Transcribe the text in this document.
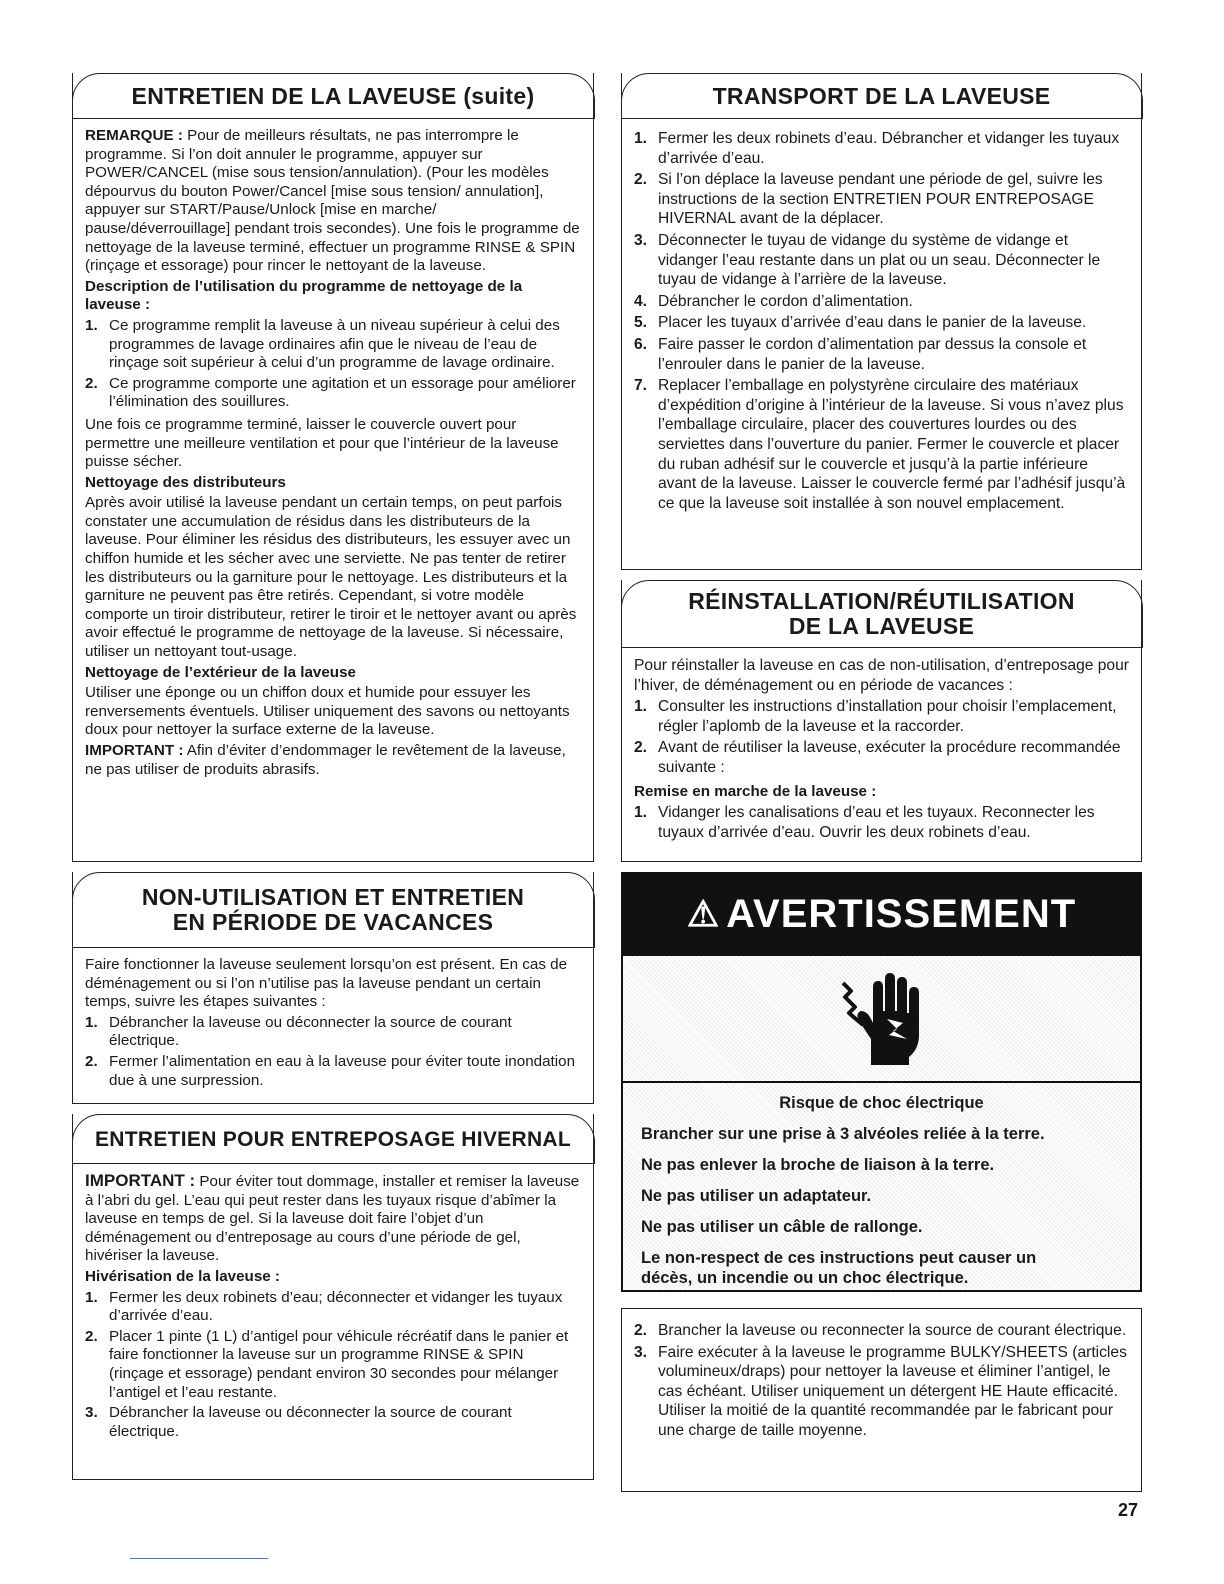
ENTRETIEN DE LA LAVEUSE (suite)

REMARQUE : Pour de meilleurs résultats, ne pas interrompre le programme. Si l’on doit annuler le programme, appuyer sur POWER/CANCEL (mise sous tension/annulation). (Pour les modèles dépourvus du bouton Power/Cancel [mise sous tension/ annulation], appuyer sur START/Pause/Unlock [mise en marche/ pause/déverrouillage] pendant trois secondes). Une fois le programme de nettoyage de la laveuse terminé, effectuer un programme RINSE & SPIN (rinçage et essorage) pour rincer le nettoyant de la laveuse.

Description de l’utilisation du programme de nettoyage de la laveuse :
1. Ce programme remplit la laveuse à un niveau supérieur à celui des programmes de lavage ordinaires afin que le niveau de l’eau de rinçage soit supérieur à celui d’un programme de lavage ordinaire.
2. Ce programme comporte une agitation et un essorage pour améliorer l’élimination des souillures.

Une fois ce programme terminé, laisser le couvercle ouvert pour permettre une meilleure ventilation et pour que l’intérieur de la laveuse puisse sécher.

Nettoyage des distributeurs

Après avoir utilisé la laveuse pendant un certain temps, on peut parfois constater une accumulation de résidus dans les distributeurs de la laveuse. Pour éliminer les résidus des distributeurs, les essuyer avec un chiffon humide et les sécher avec une serviette. Ne pas tenter de retirer les distributeurs ou la garniture pour le nettoyage. Les distributeurs et la garniture ne peuvent pas être retirés. Cependant, si votre modèle comporte un tiroir distributeur, retirer le tiroir et le nettoyer avant ou après avoir effectué le programme de nettoyage de la laveuse. Si nécessaire, utiliser un nettoyant tout-usage.

Nettoyage de l’extérieur de la laveuse

Utiliser une éponge ou un chiffon doux et humide pour essuyer les renversements éventuels. Utiliser uniquement des savons ou nettoyants doux pour nettoyer la surface externe de la laveuse.

IMPORTANT : Afin d’éviter d’endommager le revêtement de la laveuse, ne pas utiliser de produits abrasifs.

NON-UTILISATION ET ENTRETIEN
EN PÉRIODE DE VACANCES

Faire fonctionner la laveuse seulement lorsqu’on est présent. En cas de déménagement ou si l’on n’utilise pas la laveuse pendant un certain temps, suivre les étapes suivantes :

1. Débrancher la laveuse ou déconnecter la source de courant électrique.
2. Fermer l’alimentation en eau à la laveuse pour éviter toute inondation due à une surpression.
ENTRETIEN POUR ENTREPOSAGE HIVERNAL

IMPORTANT : Pour éviter tout dommage, installer et remiser la laveuse à l’abri du gel. L’eau qui peut rester dans les tuyaux risque d’abîmer la laveuse en temps de gel. Si la laveuse doit faire l’objet d’un déménagement ou d’entreposage au cours d’une période de gel, hivériser la laveuse.

Hivérisation de la laveuse :
1. Fermer les deux robinets d’eau; déconnecter et vidanger les tuyaux d’arrivée d’eau.
2. Placer 1 pinte (1 L) d’antigel pour véhicule récréatif dans le panier et faire fonctionner la laveuse sur un programme RINSE & SPIN (rinçage et essorage) pendant environ 30 secondes pour mélanger l’antigel et l’eau restante.
3. Débrancher la laveuse ou déconnecter la source de courant électrique.
TRANSPORT DE LA LAVEUSE
1. Fermer les deux robinets d’eau. Débrancher et vidanger les tuyaux d’arrivée d’eau.
2. Si l’on déplace la laveuse pendant une période de gel, suivre les instructions de la section ENTRETIEN POUR ENTREPOSAGE HIVERNAL avant de la déplacer.
3. Déconnecter le tuyau de vidange du système de vidange et vidanger l’eau restante dans un plat ou un seau. Déconnecter le tuyau de vidange à l’arrière de la laveuse.
4. Débrancher le cordon d’alimentation.
5. Placer les tuyaux d’arrivée d’eau dans le panier de la laveuse.
6. Faire passer le cordon d’alimentation par dessus la console et l’enrouler dans le panier de la laveuse.
7. Replacer l’emballage en polystyrène circulaire des matériaux d’expédition d’origine à l’intérieur de la laveuse. Si vous n’avez plus l’emballage circulaire, placer des couvertures lourdes ou des serviettes dans l’ouverture du panier. Fermer le couvercle et placer du ruban adhésif sur le couvercle et jusqu’à la partie inférieure avant de la laveuse. Laisser le couvercle fermé par l’adhésif jusqu’à ce que la laveuse soit installée à son nouvel emplacement.
RÉINSTALLATION/RÉUTILISATION
DE LA LAVEUSE

Pour réinstaller la laveuse en cas de non-utilisation, d’entreposage pour l’hiver, de déménagement ou en période de vacances :

1. Consulter les instructions d’installation pour choisir l’emplacement, régler l’aplomb de la laveuse et la raccorder.
2. Avant de réutiliser la laveuse, exécuter la procédure recommandée suivante :
Remise en marche de la laveuse :
1. Vidanger les canalisations d’eau et les tuyaux. Reconnecter les tuyaux d’arrivée d’eau. Ouvrir les deux robinets d’eau.
⚠ AVERTISSEMENT

Risque de choc électrique

Brancher sur une prise à 3 alvéoles reliée à la terre.

Ne pas enlever la broche de liaison à la terre.

Ne pas utiliser un adaptateur.

Ne pas utiliser un câble de rallonge.

Le non-respect de ces instructions peut causer un décès, un incendie ou un choc électrique.

2. Brancher la laveuse ou reconnecter la source de courant électrique.
3. Faire exécuter à la laveuse le programme BULKY/SHEETS (articles volumineux/draps) pour nettoyer la laveuse et éliminer l’antigel, le cas échéant. Utiliser uniquement un détergent HE Haute efficacité. Utiliser la moitié de la quantité recommandée par le fabricant pour une charge de taille moyenne.
27
